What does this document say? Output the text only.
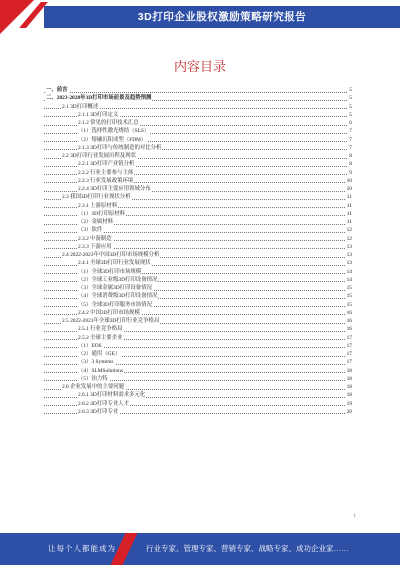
3D打印企业股权激励策略研究报告
内容目录
一、前言	5
二、2023-2028年3D打印市场前景及趋势预测	5
2.1 3D打印概述	5
2.1.1 3D打印定义	5
2.1.2 常见的打印技术汇总	6
（1）选择性激光烧结（SLS）	7
（2）熔融沉积成型（FDM）	7
2.1.3 3D打印与传统制造的对比分析	7
2.2 3D打印行业发展历程及现状	8
2.2.1 3D打印产业链分析	8
2.2.2 行业主要参与主体	9
2.2.3 行业发展政策环境	10
2.2.4 3D打印主要应用领域分布	10
2.3 我国3D打印行业现状分析	11
2.3.1 上游原材料	11
（1）3D打印原材料	11
（2）金属材料	11
（3）软件	12
2.3.2 中游制造	12
2.3.3 下游应用	13
2.4 2022-2023年中国3D打印市场规模分析	13
2.4.1 全球3D打印行业发展现状	13
（1）全球3D打印市场规模	14
（2）全球工业级3D打印设备情况	14
（3）全球金属3D打印设备情况	15
（4）全球消费级3D打印设备情况	15
（5）全球3D打印服务市场情况	15
2.4.2 中国3D打印市场规模	16
2.5 2022-2023年全球3D打印行业竞争格局	16
2.5.1 行业竞争格局	16
2.5.2 全球主要企业	17
（1）EOS	17
（2）通用（GE）	17
（3）3 Systems	17
（4）SLMSolutions	18
（5）铂力特	18
2.6 企业发展中的主要问题	18
2.6.1 3D打印材料需求多元化	18
2.6.2 3D打印专业人才	19
2.6.3 3D打印专业	20
1
让每个人都能成为	行业专家、管理专家、营销专家、战略专家、成功企业家……
